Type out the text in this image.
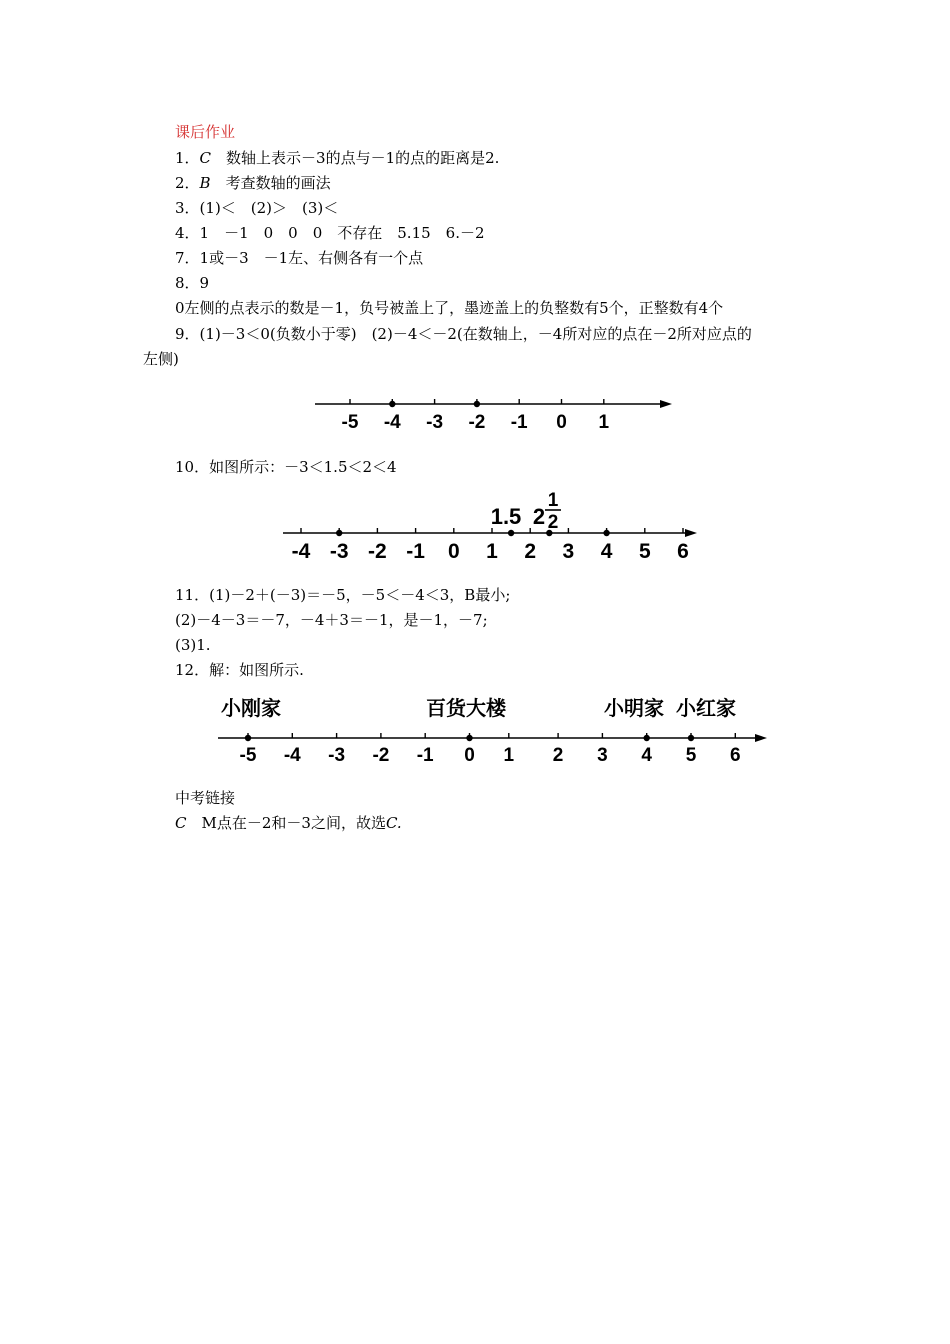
课后作业
1．C　 数轴上表示－3的点与－1的点的距离是2.
2．B　 考查数轴的画法
3．(1)＜　(2)＞　(3)＜
4．1　－1　0　0　0　不存在　5.15　6.－2
7．1或－3　－1左、右侧各有一个点
8．9
0左侧的点表示的数是－1，负号被盖上了，墨迹盖上的负整数有5个，正整数有4个
9．(1)－3＜0(负数小于零)　(2)－4＜－2(在数轴上，－4所对应的点在－2所对应点的
左侧)
-5 -4 -3 -2 -1 0 1
10．如图所示：－3＜1.5＜2＜4
-4 -3 -2 -1 0 1 2 3 4 5 6
1.5 2
1
2
11．(1)－2＋(－3)＝－5，－5＜－4＜3，B最小;
(2)－4－3＝－7，－4＋3＝－1，是－1，－7;
(3)1.
12．解：如图所示.
小刚家	百货大楼	小明家 小红家
-5 -4 -3 -2 -1 0 1 2 3 4 5 6
中考链接
C　 M点在－2和－3之间，故选C.
